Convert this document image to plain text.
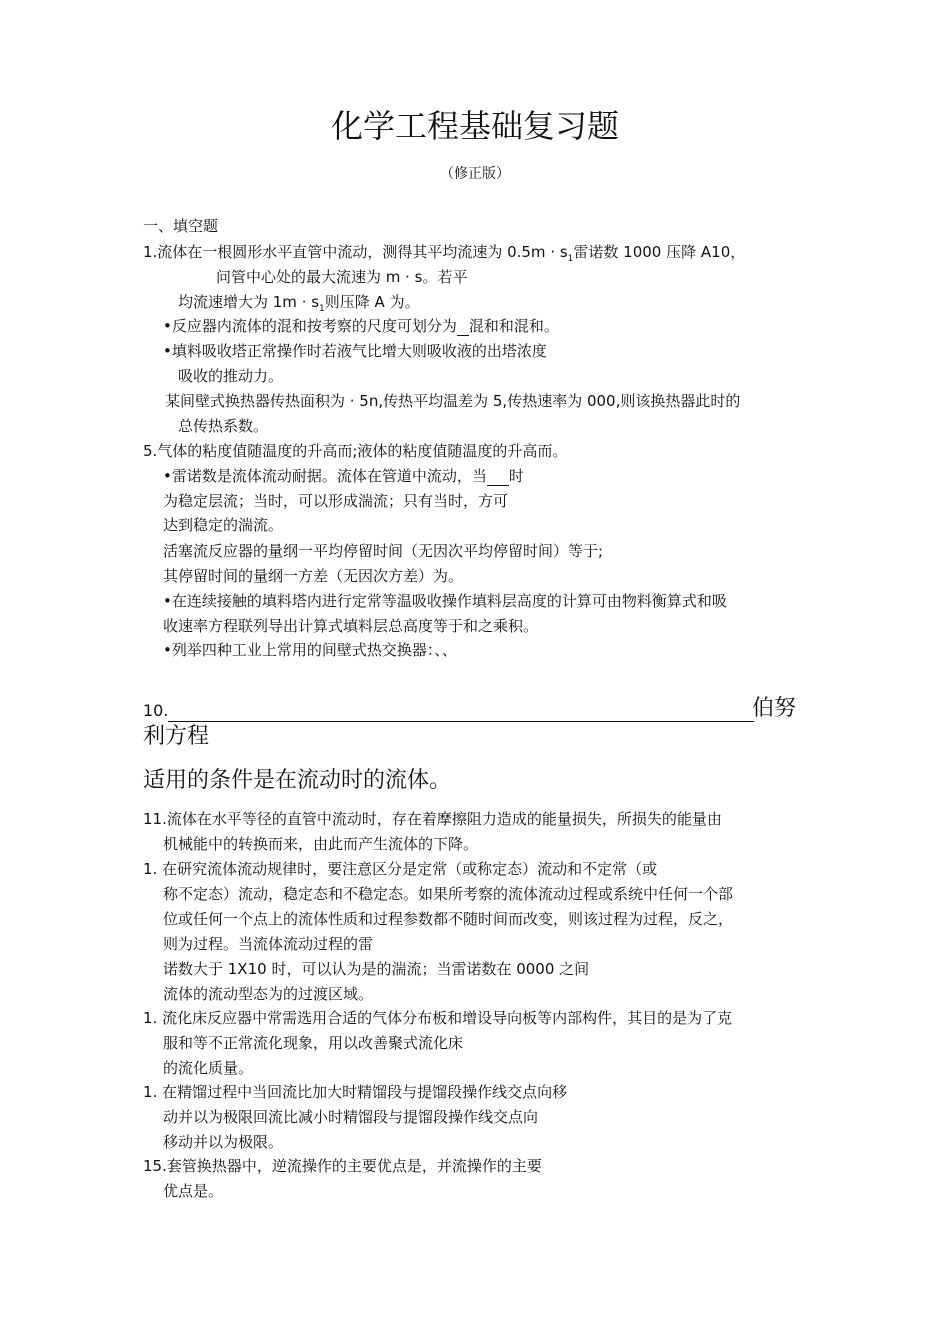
化学工程基础复习题
（修正版）
一、填空题
1.流体在一根圆形水平直管中流动，测得其平均流速为 $0.5m \cdot s_1$雷诺数 1000 压降 A10，
问管中心处的最大流速为 m · s。若平
均流速增大为 $1m \cdot s_1$则压降 A 为。
•反应器内流体的混和按考察的尺度可划分为 混和和混和。
•填料吸收塔正常操作时若液气比增大则吸收液的出塔浓度
吸收的推动力。
某间壁式换热器传热面积为 · 5n,传热平均温差为 5,传热速率为 000,则该换热器此时的
总传热系数。
5.气体的粘度值随温度的升高而;液体的粘度值随温度的升高而。
•雷诺数是流体流动耐据。流体在管道中流动，当 时
为稳定层流；当时，可以形成湍流；只有当时，方可
达到稳定的湍流。
活塞流反应器的量纲一平均停留时间（无因次平均停留时间）等于;
其停留时间的量纲一方差（无因次方差）为。
•在连续接触的填料塔内进行定常等温吸收操作填料层高度的计算可由物料衡算式和吸
收速率方程联列导出计算式填料层总高度等于和之乘积。
•列举四种工业上常用的间壁式热交换器：、、
10.	伯努
利方程
适用的条件是在流动时的流体。
11.流体在水平等径的直管中流动时，存在着摩擦阻力造成的能量损失，所损失的能量由
机械能中的转换而来，由此而产生流体的下降。
1. 在研究流体流动规律时，要注意区分是定常（或称定态）流动和不定常（或
称不定态）流动，稳定态和不稳定态。如果所考察的流体流动过程或系统中任何一个部
位或任何一个点上的流体性质和过程参数都不随时间而改变，则该过程为过程，反之，
则为过程。当流体流动过程的雷
诺数大于 1X10 时，可以认为是的湍流；当雷诺数在 0000 之间
流体的流动型态为的过渡区域。
1. 流化床反应器中常需选用合适的气体分布板和增设导向板等内部构件，其目的是为了克
服和等不正常流化现象，用以改善聚式流化床
的流化质量。
1. 在精馏过程中当回流比加大时精馏段与提馏段操作线交点向移
动并以为极限回流比减小时精馏段与提馏段操作线交点向
移动并以为极限。
15.套管换热器中，逆流操作的主要优点是，并流操作的主要
优点是。
